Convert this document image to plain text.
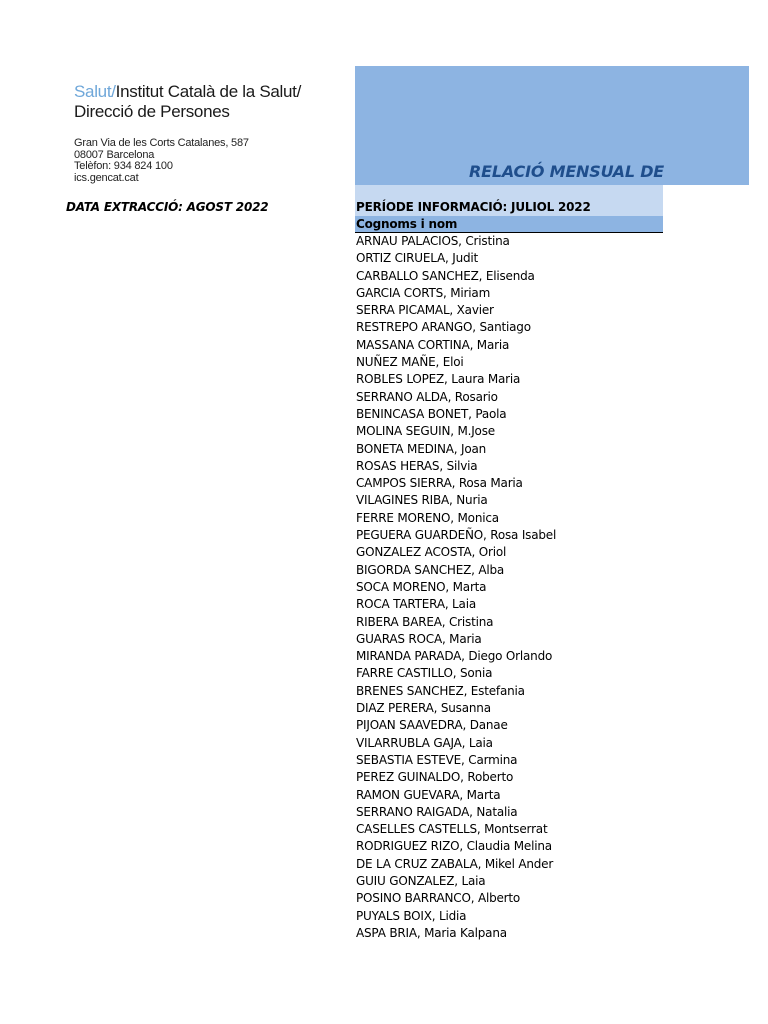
Salut/Institut Català de la Salut/
Direcció de Persones
Gran Via de les Corts Catalanes, 587
08007 Barcelona
Telèfon: 934 824 100
ics.gencat.cat
DATA EXTRACCIÓ: AGOST 2022
RELACIÓ MENSUAL DE
PERÍODE INFORMACIÓ: JULIOL 2022
Cognoms i nom
ARNAU PALACIOS, Cristina
ORTIZ CIRUELA, Judit
CARBALLO SANCHEZ, Elisenda
GARCIA CORTS, Miriam
SERRA PICAMAL, Xavier
RESTREPO ARANGO, Santiago
MASSANA CORTINA, Maria
NUÑEZ MAÑE, Eloi
ROBLES LOPEZ, Laura Maria
SERRANO ALDA, Rosario
BENINCASA BONET, Paola
MOLINA SEGUIN, M.Jose
BONETA MEDINA, Joan
ROSAS HERAS, Silvia
CAMPOS SIERRA, Rosa Maria
VILAGINES RIBA, Nuria
FERRE MORENO, Monica
PEGUERA GUARDEÑO, Rosa Isabel
GONZALEZ ACOSTA, Oriol
BIGORDA SANCHEZ, Alba
SOCA MORENO, Marta
ROCA TARTERA, Laia
RIBERA BAREA, Cristina
GUARAS ROCA, Maria
MIRANDA PARADA, Diego Orlando
FARRE CASTILLO, Sonia
BRENES SANCHEZ, Estefania
DIAZ PERERA, Susanna
PIJOAN SAAVEDRA, Danae
VILARRUBLA GAJA, Laia
SEBASTIA ESTEVE, Carmina
PEREZ GUINALDO, Roberto
RAMON GUEVARA, Marta
SERRANO RAIGADA, Natalia
CASELLES CASTELLS, Montserrat
RODRIGUEZ RIZO, Claudia Melina
DE LA CRUZ ZABALA, Mikel Ander
GUIU GONZALEZ, Laia
POSINO BARRANCO, Alberto
PUYALS BOIX, Lidia
ASPA BRIA, Maria Kalpana
